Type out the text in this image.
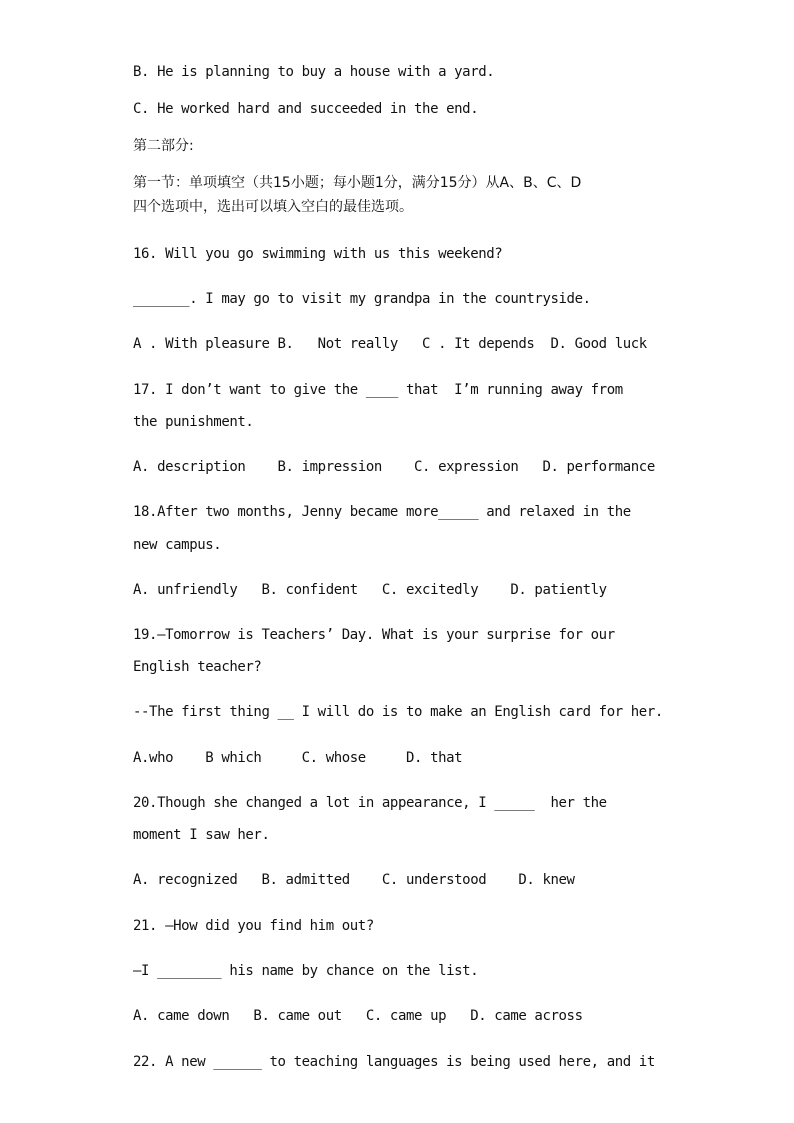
B. He is planning to buy a house with a yard.
C. He worked hard and succeeded in the end.
第二部分:
第一节：单项填空（共15小题；每小题1分，满分15分）从A、B、C、D
四个选项中，选出可以填入空白的最佳选项。
16. Will you go swimming with us this weekend?
_______. I may go to visit my grandpa in the countryside.
A . With pleasure B.   Not really   C . It depends  D. Good luck
17. I don’t want to give the ____ that  I’m running away from
the punishment.
A. description    B. impression    C. expression   D. performance
18.After two months, Jenny became more_____ and relaxed in the
new campus.
A. unfriendly   B. confident   C. excitedly    D. patiently
19.—Tomorrow is Teachers’ Day. What is your surprise for our
English teacher?
--The first thing __ I will do is to make an English card for her.
A.who    B which     C. whose     D. that
20.Though she changed a lot in appearance, I _____  her the
moment I saw her.
A. recognized   B. admitted    C. understood    D. knew
21. —How did you find him out?
—I ________ his name by chance on the list.
A. came down   B. came out   C. came up   D. came across
22. A new ______ to teaching languages is being used here, and it
